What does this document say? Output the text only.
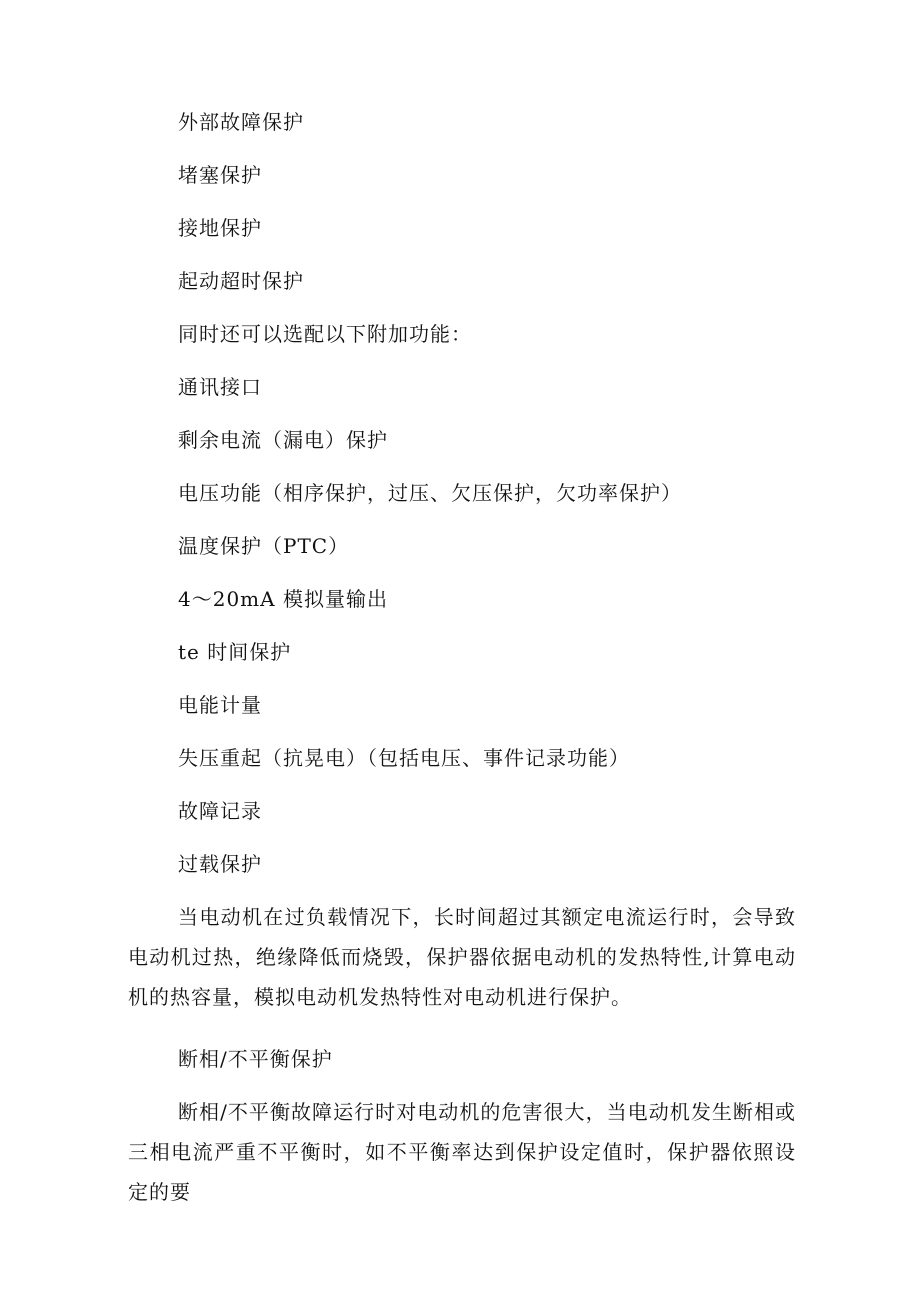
外部故障保护
堵塞保护
接地保护
起动超时保护
同时还可以选配以下附加功能：
通讯接口
剩余电流（漏电）保护
电压功能（相序保护，过压、欠压保护，欠功率保护）
温度保护（PTC）
4～20mA 模拟量输出
te 时间保护
电能计量
失压重起（抗晃电）（包括电压、事件记录功能）
故障记录
过载保护
当电动机在过负载情况下，长时间超过其额定电流运行时，会导致电动机过热，绝缘降低而烧毁，保护器依据电动机的发热特性,计算电动机的热容量，模拟电动机发热特性对电动机进行保护。
断相/不平衡保护
断相/不平衡故障运行时对电动机的危害很大，当电动机发生断相或三相电流严重不平衡时，如不平衡率达到保护设定值时，保护器依照设定的要
